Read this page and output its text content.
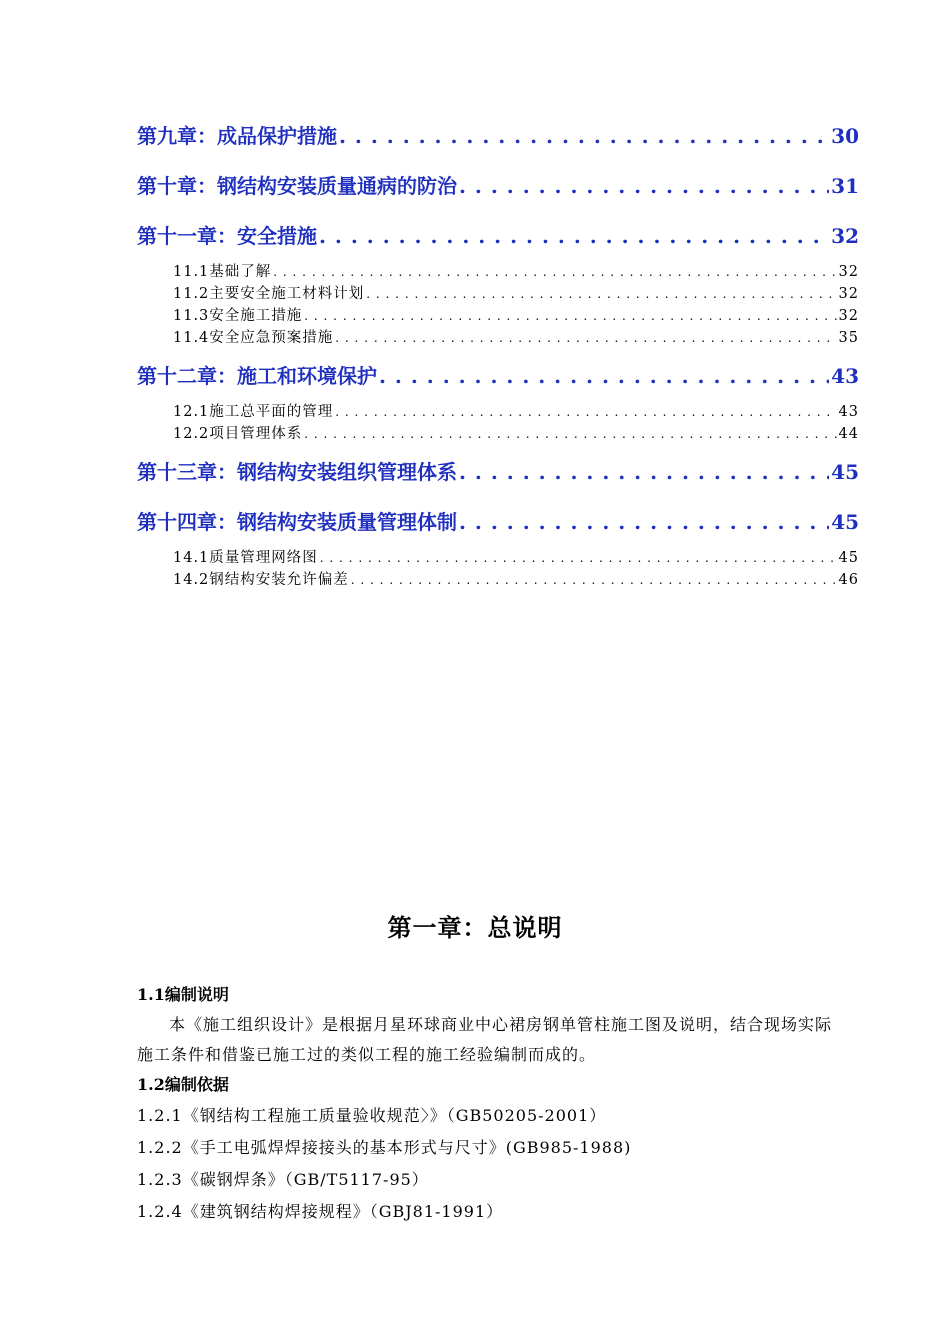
第九章：成品保护措施 . . .	30
第十章：钢结构安装质量通病的防治 . . .	31
第十一章：安全措施 . . .	32
11.1基础了解 . . .	32
11.2主要安全施工材料计划 . . .	32
11.3安全施工措施 . . .	32
11.4安全应急预案措施 . . .	35
第十二章：施工和环境保护 . . .	43
12.1施工总平面的管理 . . .	43
12.2项目管理体系 . . .	44
第十三章：钢结构安装组织管理体系 . . .	45
第十四章：钢结构安装质量管理体制 . . .	45
14.1质量管理网络图 . . .	45
14.2钢结构安装允许偏差 . . .	46
第一章：总说明

1.1编制说明

本《施工组织设计》是根据月星环球商业中心裙房钢单管柱施工图及说明，结合现场实际施工条件和借鉴已施工过的类似工程的施工经验编制而成的。

1.2编制依据

1.2.1《钢结构工程施工质量验收规范〉》（GB50205-2001）

1.2.2《手工电弧焊焊接接头的基本形式与尺寸》(GB985-1988)

1.2.3《碳钢焊条》（GB/T5117-95）

1.2.4《建筑钢结构焊接规程》（GBJ81-1991）
